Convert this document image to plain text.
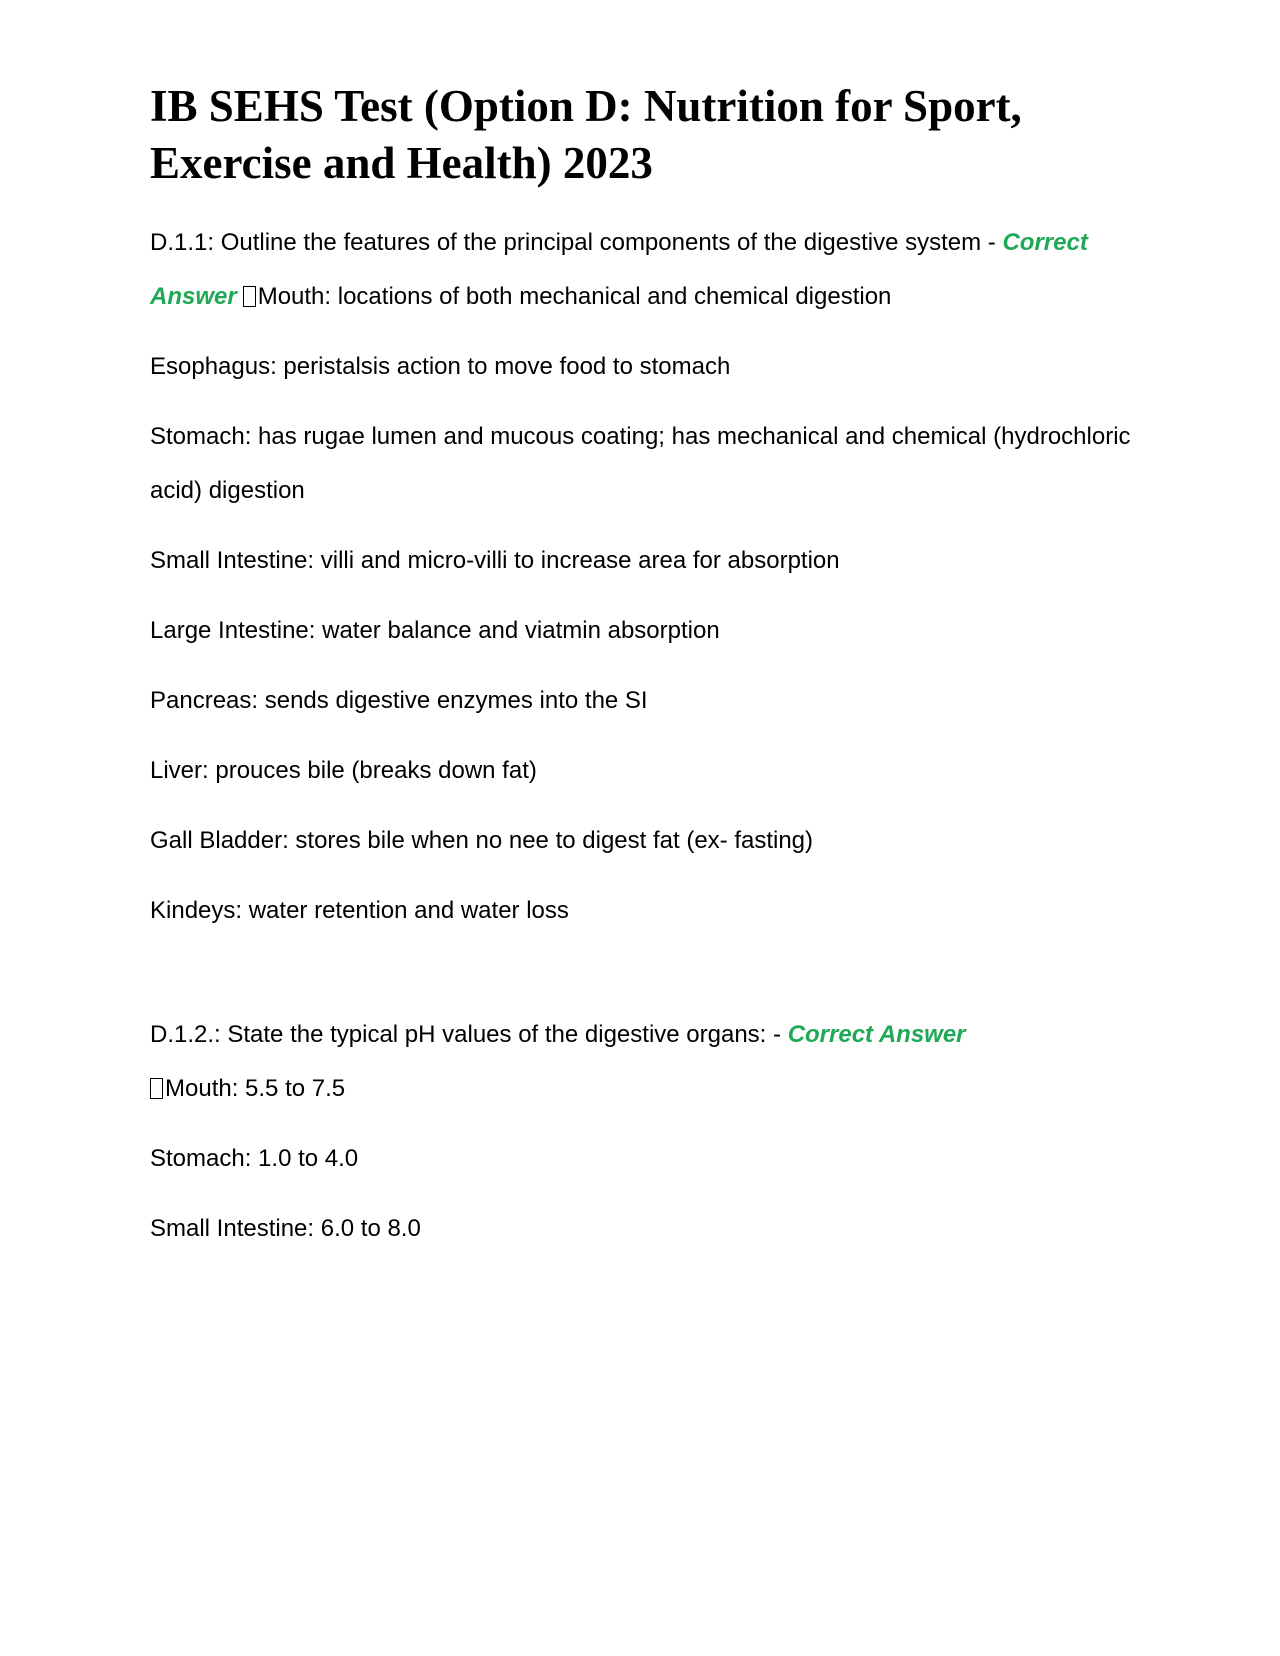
IB SEHS Test (Option D: Nutrition for Sport, Exercise and Health) 2023

D.1.1: Outline the features of the principal components of the digestive system - Correct Answer Mouth: locations of both mechanical and chemical digestion

Esophagus: peristalsis action to move food to stomach

Stomach: has rugae lumen and mucous coating; has mechanical and chemical (hydrochloric acid) digestion

Small Intestine: villi and micro-villi to increase area for absorption

Large Intestine: water balance and viatmin absorption

Pancreas: sends digestive enzymes into the SI

Liver: prouces bile (breaks down fat)

Gall Bladder: stores bile when no nee to digest fat (ex- fasting)

Kindeys: water retention and water loss

D.1.2.: State the typical pH values of the digestive organs: - Correct Answer
Mouth: 5.5 to 7.5

Stomach: 1.0 to 4.0

Small Intestine: 6.0 to 8.0
